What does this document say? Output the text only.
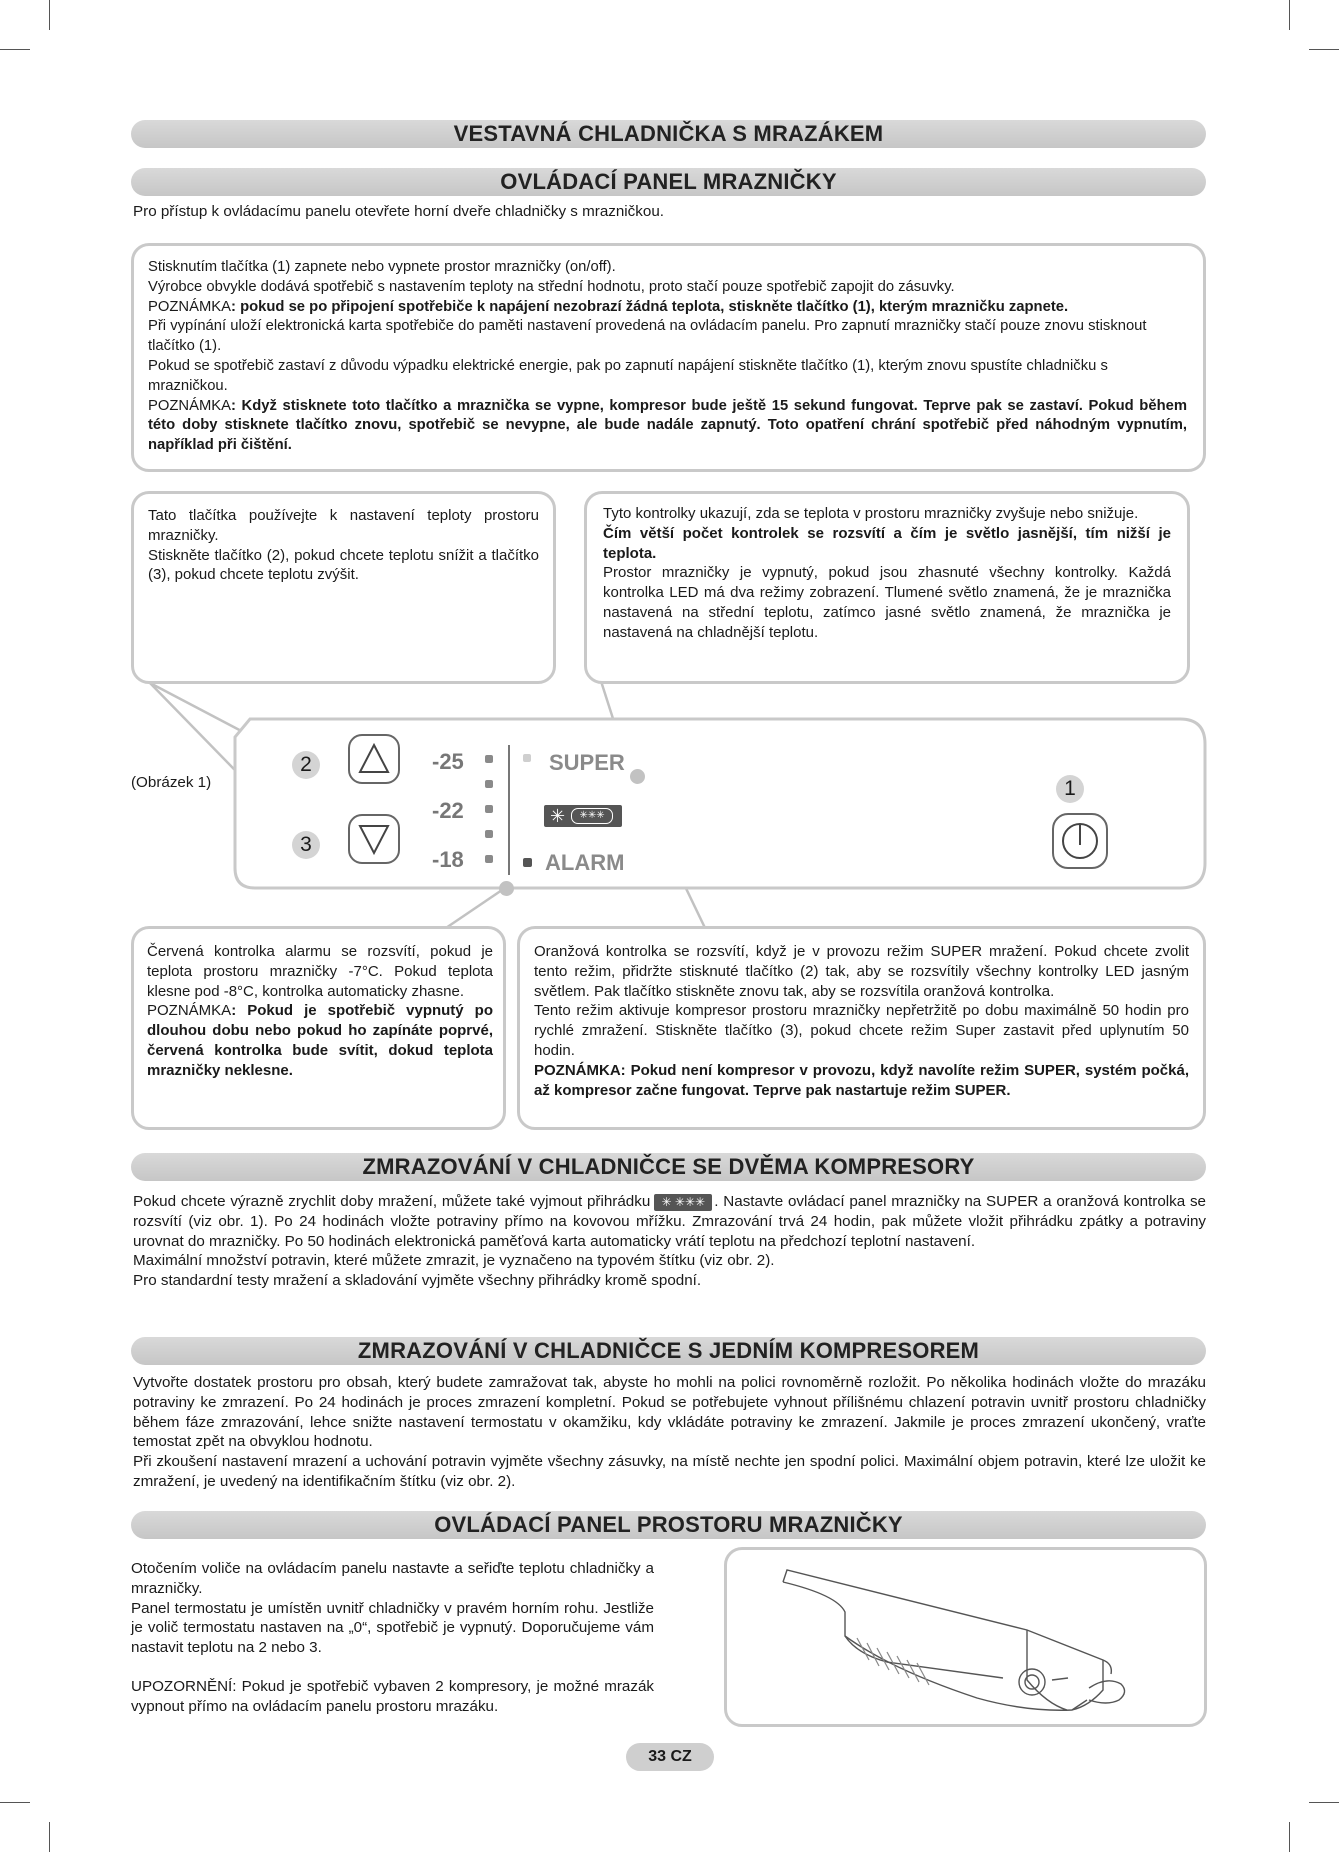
VESTAVNÁ CHLADNIČKA S MRAZÁKEM
OVLÁDACÍ PANEL MRAZNIČKY
Pro přístup k ovládacímu panelu otevřete horní dveře chladničky s mrazničkou.
Stisknutím tlačítka (1) zapnete nebo vypnete prostor mrazničky (on/off).
Výrobce obvykle dodává spotřebič s nastavením teploty na střední hodnotu, proto stačí pouze spotřebič zapojit do zásuvky.
POZNÁMKA: pokud se po připojení spotřebiče k napájení nezobrazí žádná teplota, stiskněte tlačítko (1), kterým mrazničku zapnete.
Při vypínání uloží elektronická karta spotřebiče do paměti nastavení provedená na ovládacím panelu. Pro zapnutí mrazničky stačí pouze znovu stisknout tlačítko (1).
Pokud se spotřebič zastaví z důvodu výpadku elektrické energie, pak po zapnutí napájení stiskněte tlačítko (1), kterým znovu spustíte chladničku s mrazničkou.
POZNÁMKA: Když stisknete toto tlačítko a mraznička se vypne, kompresor bude ještě 15 sekund fungovat. Teprve pak se zastaví. Pokud během této doby stisknete tlačítko znovu, spotřebič se nevypne, ale bude nadále zapnutý. Toto opatření chrání spotřebič před náhodným vypnutím, například při čištění.
Tato tlačítka používejte k nastavení teploty prostoru mrazničky.
Stiskněte tlačítko (2), pokud chcete teplotu snížit a tlačítko (3), pokud chcete teplotu zvýšit.
Tyto kontrolky ukazují, zda se teplota v prostoru mrazničky zvyšuje nebo snižuje.
Čím větší počet kontrolek se rozsvítí a čím je světlo jasnější, tím nižší je teplota.
Prostor mrazničky je vypnutý, pokud jsou zhasnuté všechny kontrolky. Každá kontrolka LED má dva režimy zobrazení. Tlumené světlo znamená, že je mraznička nastavená na střední teplotu, zatímco jasné světlo znamená, že mraznička je nastavená na chladnější teplotu.
(Obrázek 1)
2
3
1
-25
-22
-18
SUPER
✳	✳✳✳
ALARM
Červená kontrolka alarmu se rozsvítí, pokud je teplota prostoru mrazničky -7°C. Pokud teplota klesne pod -8°C, kontrolka automaticky zhasne.
POZNÁMKA: Pokud je spotřebič vypnutý po dlouhou dobu nebo pokud ho zapínáte poprvé, červená kontrolka bude svítit, dokud teplota mrazničky neklesne.
Oranžová kontrolka se rozsvítí, když je v provozu režim SUPER mražení. Pokud chcete zvolit tento režim, přidržte stisknuté tlačítko (2) tak, aby se rozsvítily všechny kontrolky LED jasným světlem. Pak tlačítko stiskněte znovu tak, aby se rozsvítila oranžová kontrolka.
Tento režim aktivuje kompresor prostoru mrazničky nepřetržitě po dobu maximálně 50 hodin pro rychlé zmražení. Stiskněte tlačítko (3), pokud chcete režim Super zastavit před uplynutím 50 hodin.
POZNÁMKA: Pokud není kompresor v provozu, když navolíte režim SUPER, systém počká, až kompresor začne fungovat. Teprve pak nastartuje režim SUPER.
ZMRAZOVÁNÍ V CHLADNIČCE SE DVĚMA KOMPRESORY
Pokud chcete výrazně zrychlit doby mražení, můžete také vyjmout přihrádku ✳ ✳✳✳ . Nastavte ovládací panel mrazničky na SUPER a oranžová kontrolka se rozsvítí (viz obr. 1). Po 24 hodinách vložte potraviny přímo na kovovou mřížku. Zmrazování trvá 24 hodin, pak můžete vložit přihrádku zpátky a potraviny urovnat do mrazničky. Po 50 hodinách elektronická paměťová karta automaticky vrátí teplotu na předchozí teplotní nastavení.
Maximální množství potravin, které můžete zmrazit, je vyznačeno na typovém štítku (viz obr. 2).
Pro standardní testy mražení a skladování vyjměte všechny přihrádky kromě spodní.
ZMRAZOVÁNÍ V CHLADNIČCE S JEDNÍM KOMPRESOREM
Vytvořte dostatek prostoru pro obsah, který budete zamražovat tak, abyste ho mohli na polici rovnoměrně rozložit. Po několika hodinách vložte do mrazáku potraviny ke zmrazení. Po 24 hodinách je proces zmrazení kompletní. Pokud se potřebujete vyhnout přílišnému chlazení potravin uvnitř prostoru chladničky během fáze zmrazování, lehce snižte nastavení termostatu v okamžiku, kdy vkládáte potraviny ke zmrazení. Jakmile je proces zmrazení ukončený, vraťte temostat zpět na obvyklou hodnotu.
Při zkoušení nastavení mrazení a uchování potravin vyjměte všechny zásuvky, na místě nechte jen spodní polici. Maximální objem potravin, které lze uložit ke zmražení, je uvedený na identifikačním štítku (viz obr. 2).
OVLÁDACÍ PANEL PROSTORU MRAZNIČKY
Otočením voliče na ovládacím panelu nastavte a seřiďte teplotu chladničky a mrazničky.
Panel termostatu je umístěn uvnitř chladničky v pravém horním rohu. Jestliže je volič termostatu nastaven na „0“, spotřebič je vypnutý. Doporučujeme vám nastavit teplotu na 2 nebo 3.
UPOZORNĚNÍ: Pokud je spotřebič vybaven 2 kompresory, je možné mrazák vypnout přímo na ovládacím panelu prostoru mrazáku.
33 CZ
